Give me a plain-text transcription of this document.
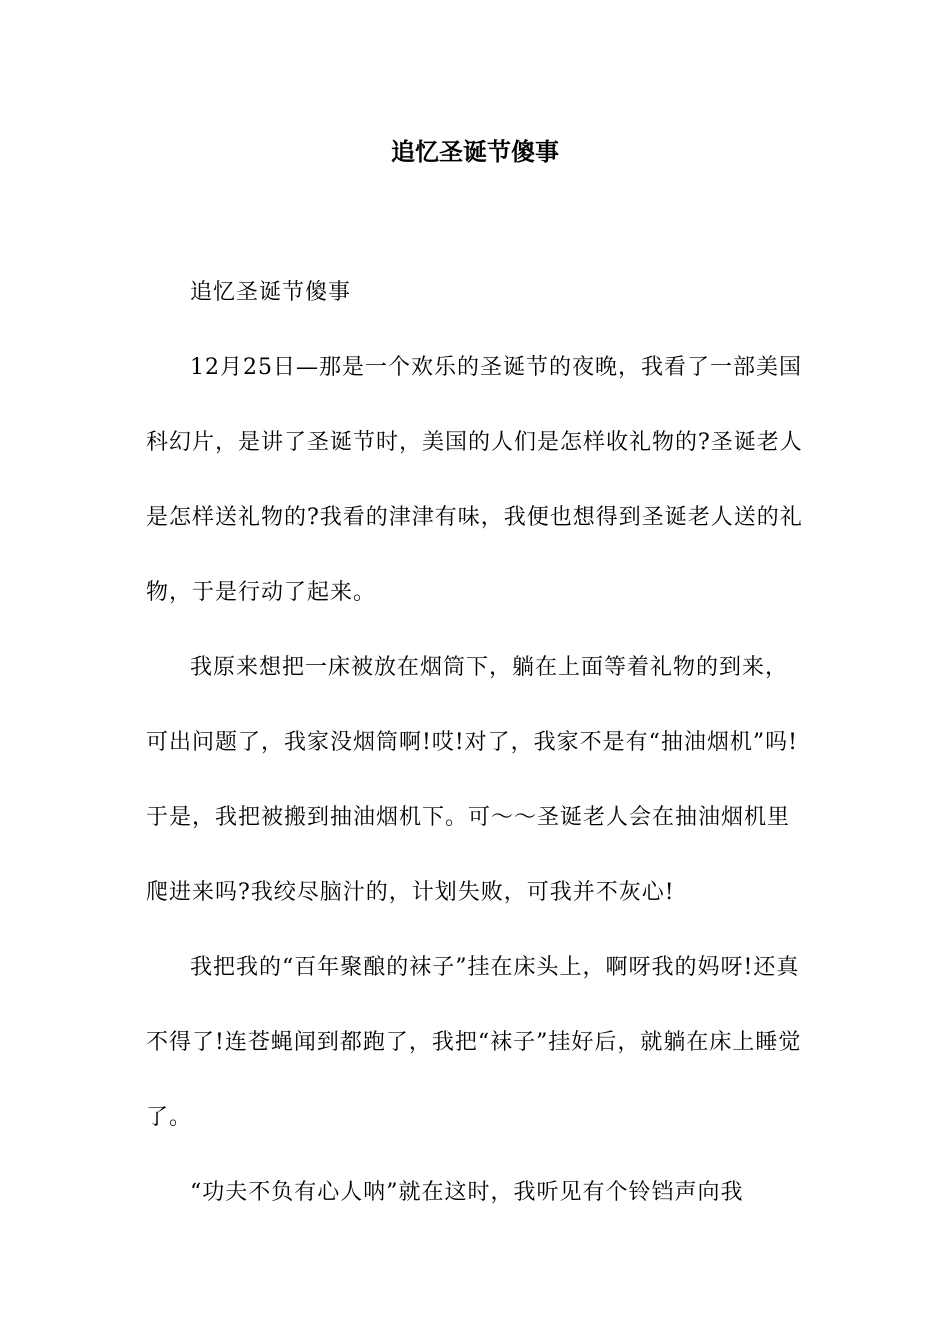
追忆圣诞节傻事

追忆圣诞节傻事

12月25日—那是一个欢乐的圣诞节的夜晚，我看了一部美国科幻片，是讲了圣诞节时，美国的人们是怎样收礼物的?圣诞老人是怎样送礼物的?我看的津津有味，我便也想得到圣诞老人送的礼物，于是行动了起来。

我原来想把一床被放在烟筒下，躺在上面等着礼物的到来，可出问题了，我家没烟筒啊!哎!对了，我家不是有“抽油烟机”吗!于是，我把被搬到抽油烟机下。可～～圣诞老人会在抽油烟机里爬进来吗?我绞尽脑汁的，计划失败，可我并不灰心!

我把我的“百年聚酿的袜子”挂在床头上，啊呀我的妈呀!还真不得了!连苍蝇闻到都跑了，我把“袜子”挂好后，就躺在床上睡觉了。

“功夫不负有心人呐”就在这时，我听见有个铃铛声向我
